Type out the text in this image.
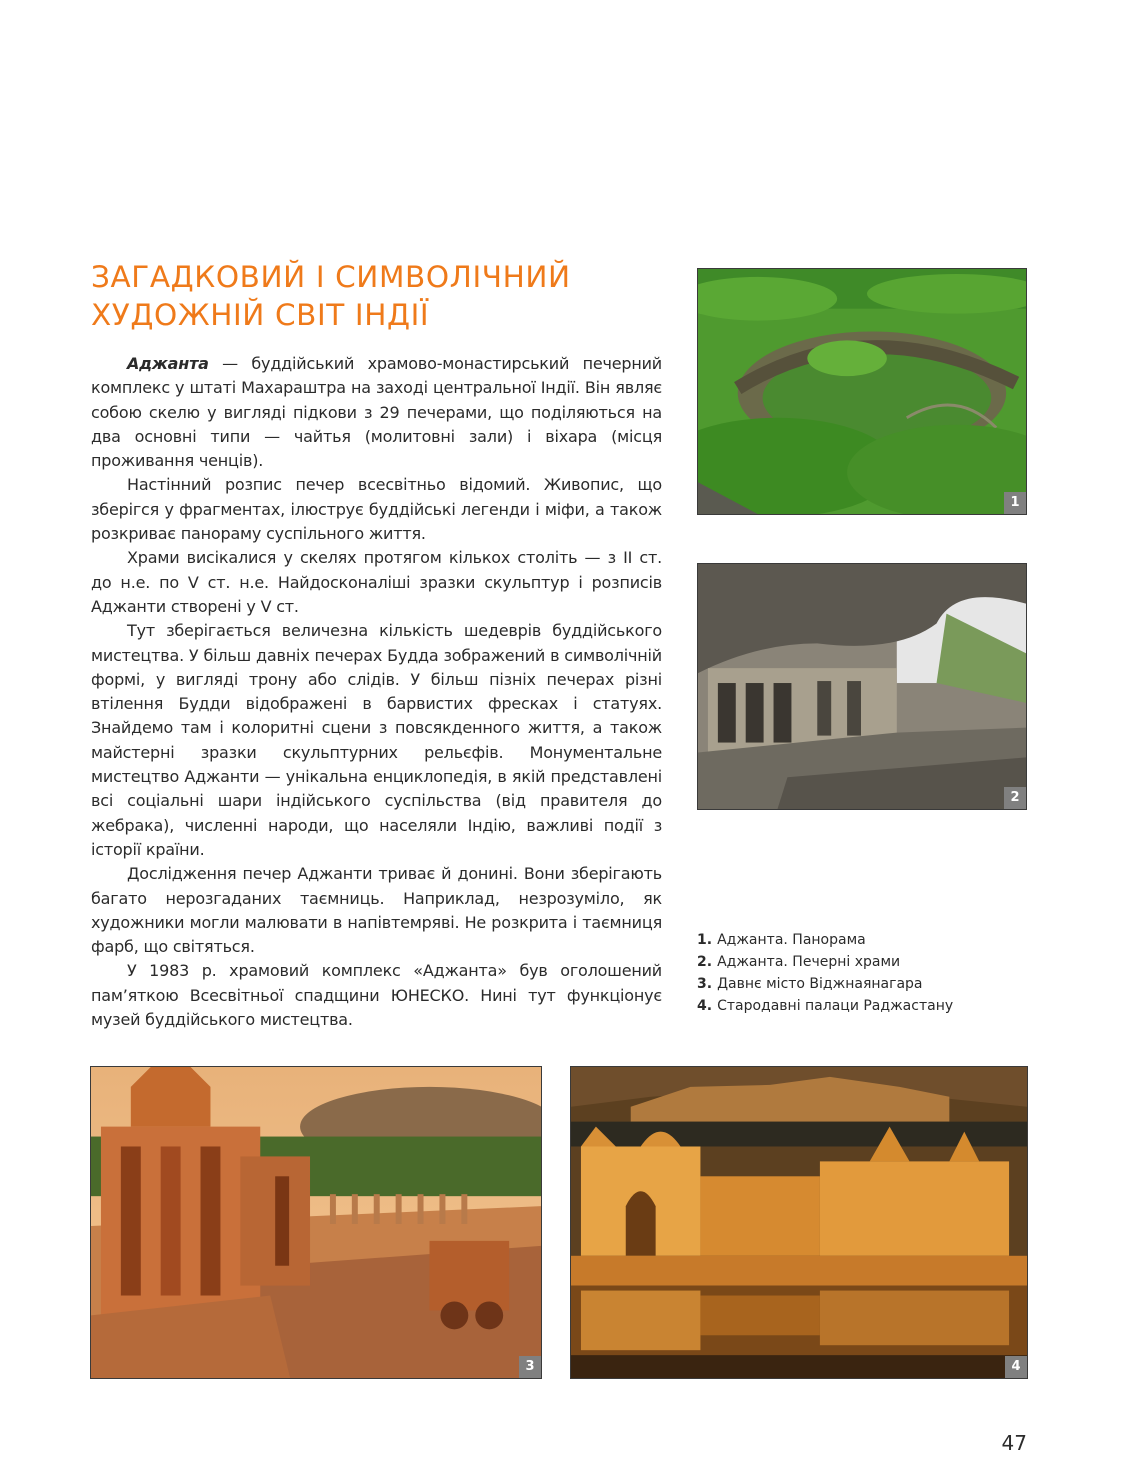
ЗАГАДКОВИЙ І СИМВОЛІЧНИЙ
ХУДОЖНІЙ СВІТ ІНДІЇ

Аджанта — буддійський храмово-монастирський печерний комплекс у штаті Махараштра на заході центральної Індії. Він являє собою скелю у вигляді підкови з 29 печерами, що поділяються на два основні типи — чайтья (молитовні зали) і віхара (місця проживання ченців).

Настінний розпис печер всесвітньо відомий. Живопис, що зберігся у фрагментах, ілюструє буддійські легенди і міфи, а також розкриває панораму суспільного життя.

Храми висікалися у скелях протягом кількох століть — з ІІ ст. до н.е. по V ст. н.е. Найдосконаліші зразки скульптур і розписів Аджанти створені у V ст.

Тут зберігається величезна кількість шедеврів буддійського мистецтва. У більш давніх печерах Будда зображений в символічній формі, у вигляді трону або слідів. У більш пізніх печерах різні втілення Будди відображені в барвистих фресках і статуях. Знайдемо там і колоритні сцени з повсякденного життя, а також майстерні зразки скульптурних рельєфів. Монументальне мистецтво Аджанти — унікальна енциклопедія, в якій представлені всі соціальні шари індійського суспільства (від правителя до жебрака), численні народи, що населяли Індію, важливі події з історії країни.

Дослідження печер Аджанти триває й донині. Вони зберігають багато нерозгаданих таємниць. Наприклад, незрозуміло, як художники могли малювати в напівтемряві. Не розкрита і таємниця фарб, що світяться.

У 1983 р. храмовий комплекс «Аджанта» був оголошений пам’яткою Всесвітньої спадщини ЮНЕСКО. Нині тут функціонує музей буддійського мистецтва.

1
2
1. Аджанта. Панорама
2. Аджанта. Печерні храми
3. Давнє місто Віджнаянагара
4. Стародавні палаци Раджастану
3	4
47
